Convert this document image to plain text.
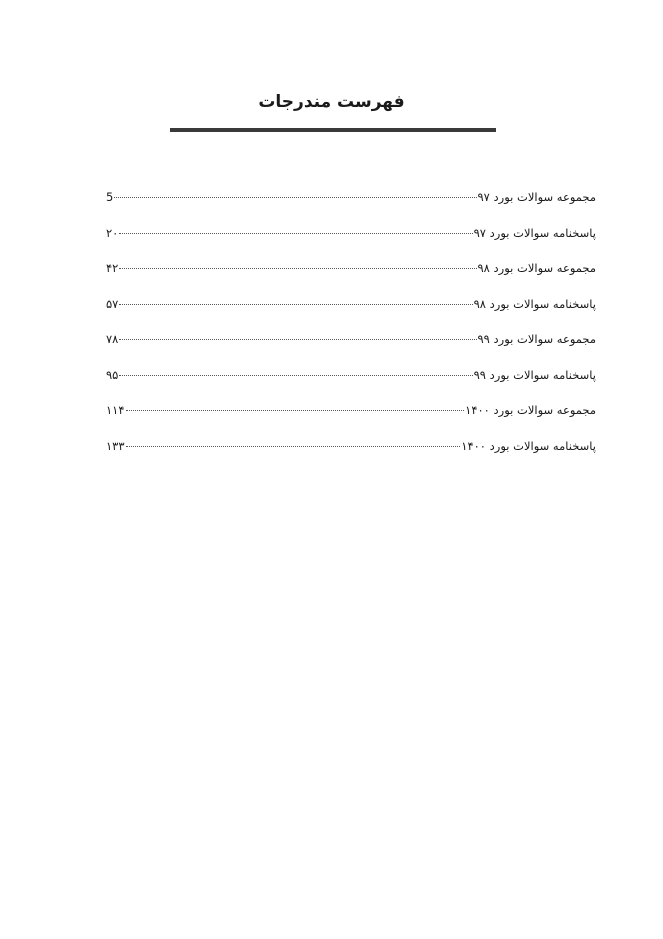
فهرست مندرجات
مجموعه سوالات بورد ۹۷
5
پاسخنامه سوالات بورد ۹۷
۲۰
مجموعه سوالات بورد ۹۸
۴۲
پاسخنامه سوالات بورد ۹۸
۵۷
مجموعه سوالات بورد ۹۹
۷۸
پاسخنامه سوالات بورد ۹۹
۹۵
مجموعه سوالات بورد ۱۴۰۰
۱۱۴
پاسخنامه سوالات بورد ۱۴۰۰
۱۳۳
